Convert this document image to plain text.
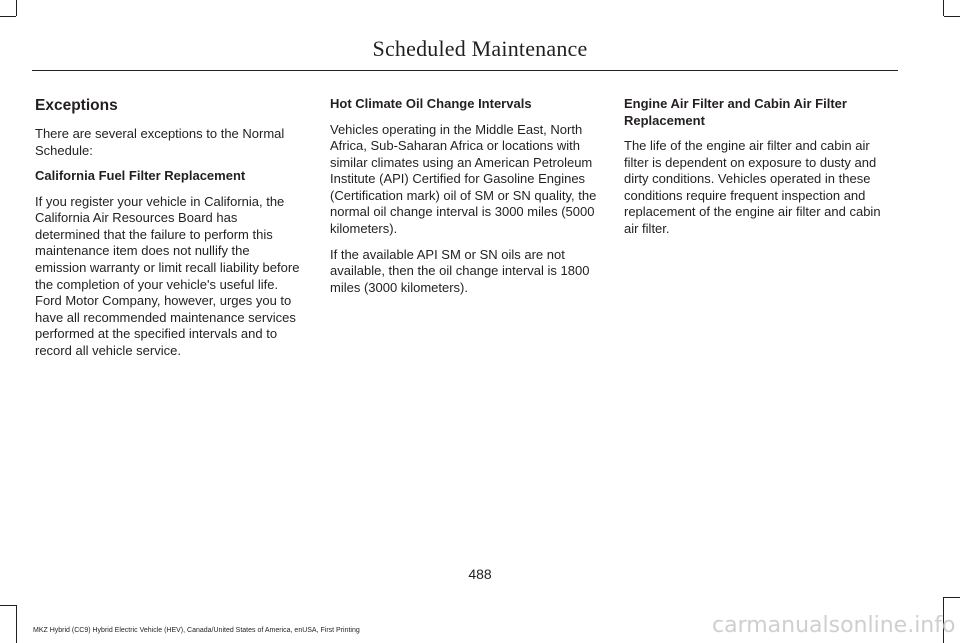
Scheduled Maintenance
Exceptions

There are several exceptions to the Normal Schedule:

California Fuel Filter Replacement

If you register your vehicle in California, the California Air Resources Board has determined that the failure to perform this maintenance item does not nullify the emission warranty or limit recall liability before the completion of your vehicle's useful life. Ford Motor Company, however, urges you to have all recommended maintenance services performed at the specified intervals and to record all vehicle service.

Hot Climate Oil Change Intervals

Vehicles operating in the Middle East, North Africa, Sub-Saharan Africa or locations with similar climates using an American Petroleum Institute (API) Certified for Gasoline Engines (Certification mark) oil of SM or SN quality, the normal oil change interval is 3000 miles (5000 kilometers).

If the available API SM or SN oils are not available, then the oil change interval is 1800 miles (3000 kilometers).

Engine Air Filter and Cabin Air Filter Replacement

The life of the engine air filter and cabin air filter is dependent on exposure to dusty and dirty conditions. Vehicles operated in these conditions require frequent inspection and replacement of the engine air filter and cabin air filter.

488
MKZ Hybrid (CC9) Hybrid Electric Vehicle (HEV), Canada/United States of America, enUSA, First Printing	carmanualsonline.info
